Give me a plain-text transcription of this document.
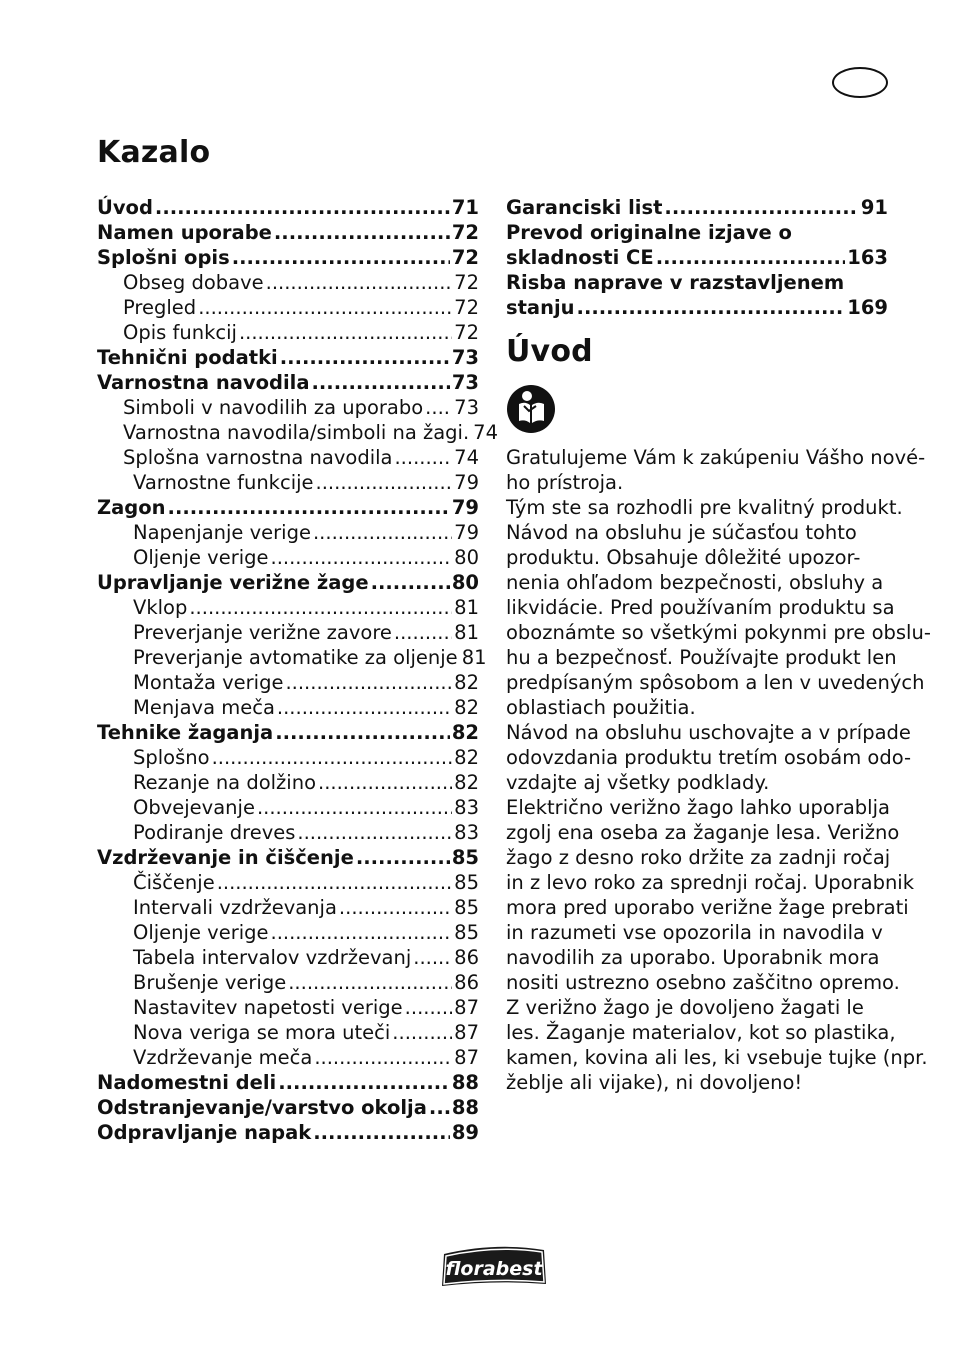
Kazalo
Úvod .....	71
Namen uporabe .....	72
Splošni opis .....	72
Obseg dobave .....	72
Pregled .....	72
Opis funkcij .....	72
Tehnični podatki .....	73
Varnostna navodila .....	73
Simboli v navodilih za uporabo ..... 73
Varnostna navodila/simboli na žagi. 74
Splošna varnostna navodila .....	74
Varnostne funkcije .....	79
Zagon .....	79
Napenjanje verige .....	79
Oljenje verige .....	80
Upravljanje verižne žage .....	80
Vklop .....	81
Preverjanje verižne zavore .....	81
Preverjanje avtomatike za oljenje 81
Montaža verige .....	82
Menjava meča .....	82
Tehnike žaganja .....	82
Splošno .....	82
Rezanje na dolžino .....	82
Obvejevanje .....	83
Podiranje dreves .....	83
Vzdrževanje in čiščenje .....	85
Čiščenje .....	85
Intervali vzdrževanja .....	85
Oljenje verige .....	85
Tabela intervalov vzdrževanj ..... 86
Brušenje verige .....	86
Nastavitev napetosti verige .....	87
Nova veriga se mora uteči .....	87
Vzdrževanje meča .....	87
Nadomestni deli .....	88
Odstranjevanje/varstvo okolja ..... 88
Odpravljanje napak .....	89
Garanciski list .....	91
Prevod originalne izjave o
skladnosti CE .....	163
Risba naprave v razstavljenem
stanju .....	169
Úvod
Gratulujeme Vám k zakúpeniu Vášho nové-
ho prístroja.
Tým ste sa rozhodli pre kvalitný produkt.
Návod na obsluhu je súčasťou tohto
produktu. Obsahuje dôležité upozor-
nenia ohľadom bezpečnosti, obsluhy a
likvidácie. Pred používaním produktu sa
oboznámte so všetkými pokynmi pre obslu-
hu a bezpečnosť. Používajte produkt len
predpísaným spôsobom a len v uvedených
oblastiach použitia.
Návod na obsluhu uschovajte a v prípade
odovzdania produktu tretím osobám odo-
vzdajte aj všetky podklady.
Električno verižno žago lahko uporablja
zgolj ena oseba za žaganje lesa. Verižno
žago z desno roko držite za zadnji ročaj
in z levo roko za sprednji ročaj. Uporabnik
mora pred uporabo verižne žage prebrati
in razumeti vse opozorila in navodila v
navodilih za uporabo. Uporabnik mora
nositi ustrezno osebno zaščitno opremo.
Z verižno žago je dovoljeno žagati le
les. Žaganje materialov, kot so plastika,
kamen, kovina ali les, ki vsebuje tujke (npr.
žeblje ali vijake), ni dovoljeno!
florabest
